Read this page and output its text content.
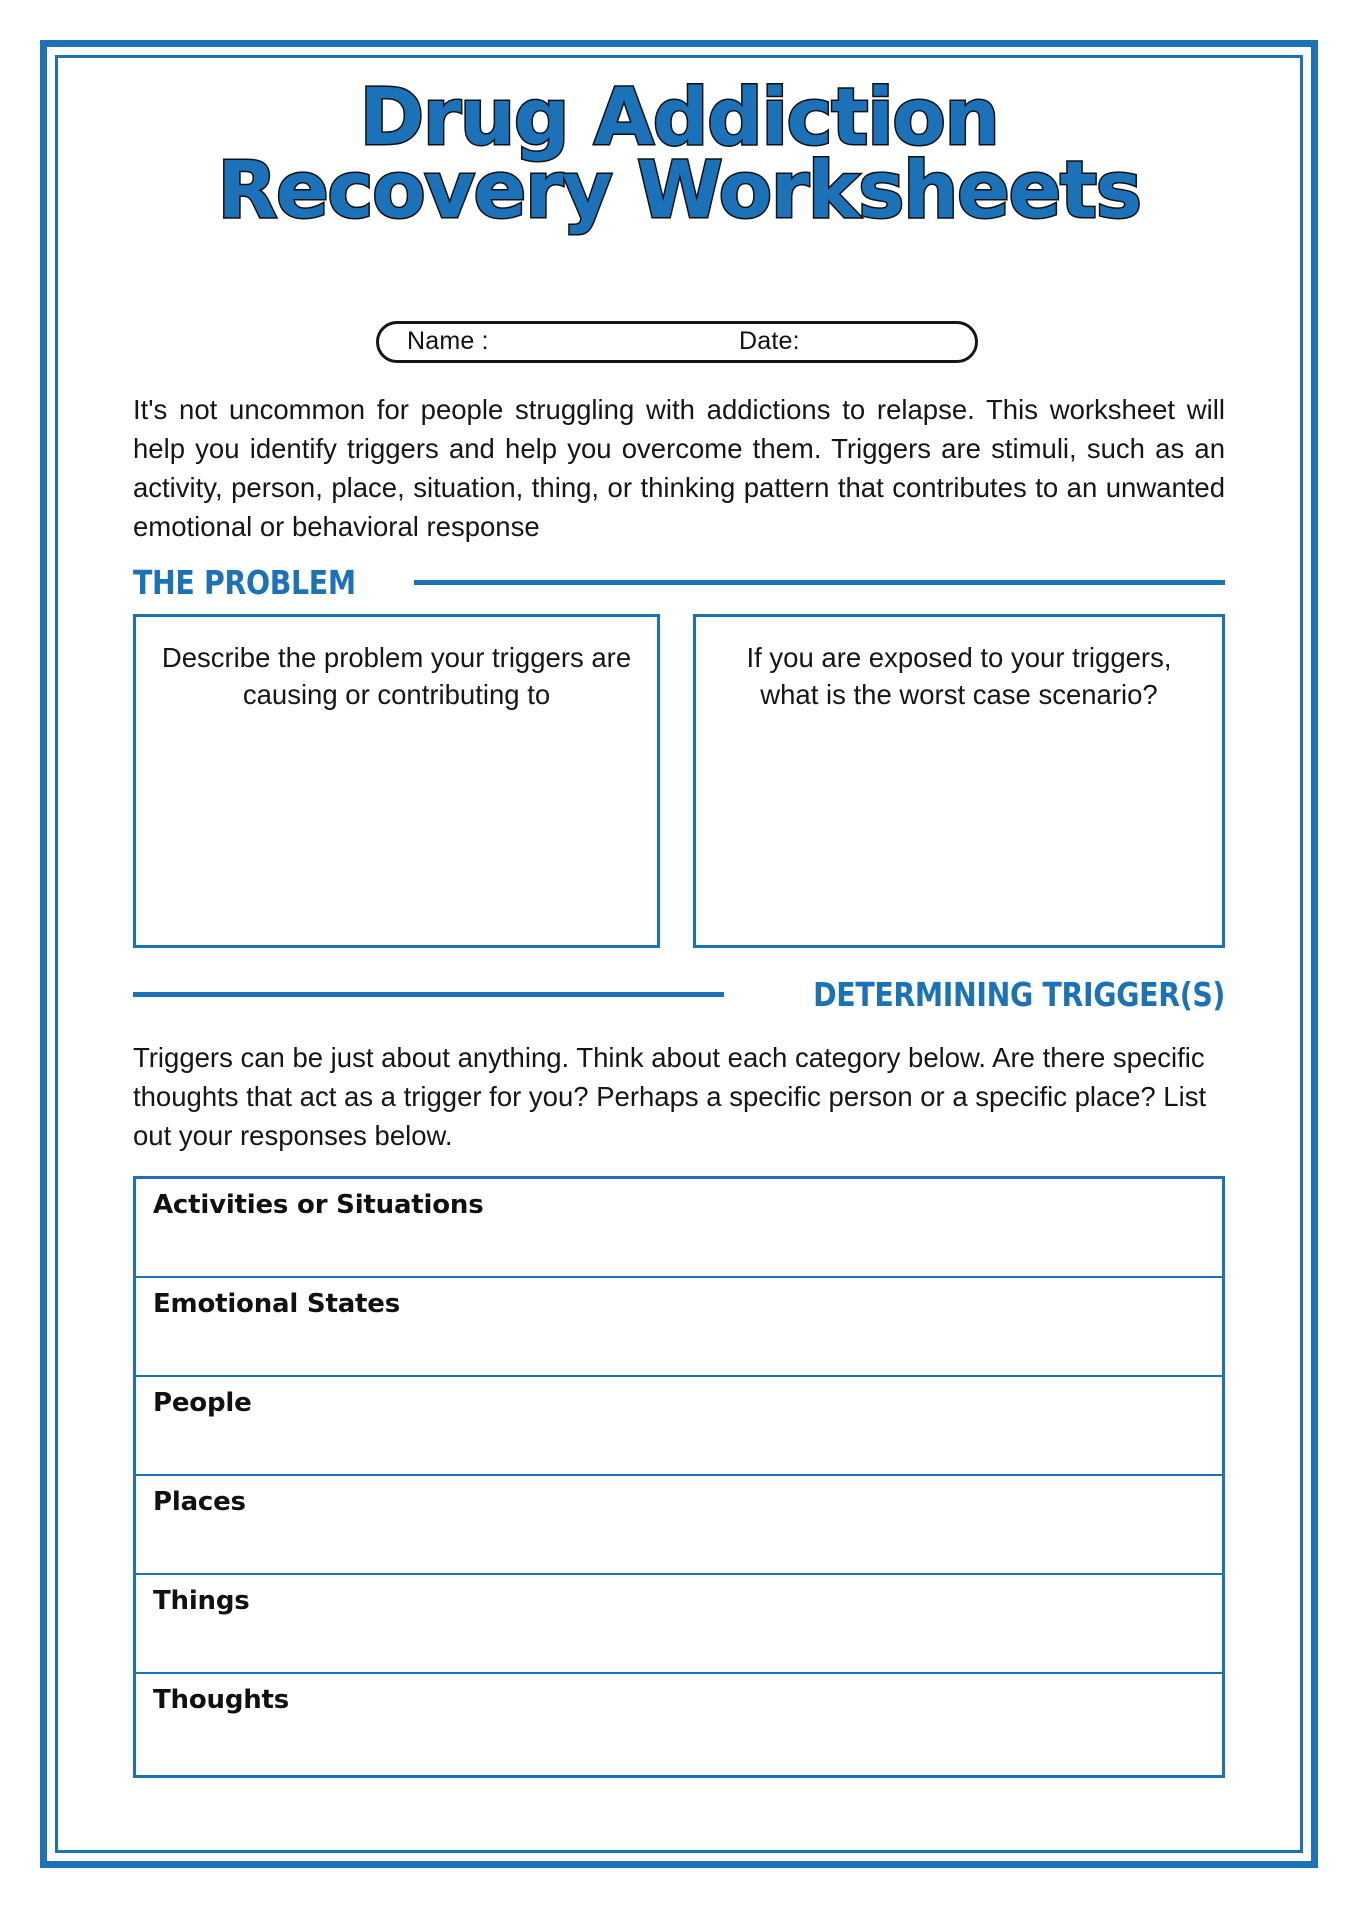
Drug Addiction
Recovery Worksheets
Name :	Date:
It's not uncommon for people struggling with addictions to relapse. This worksheet will help you identify triggers and help you overcome them. Triggers are stimuli, such as an activity, person, place, situation, thing, or thinking pattern that contributes to an unwanted emotional or behavioral response
THE PROBLEM
Describe the problem your triggers are causing or contributing to
If you are exposed to your triggers, what is the worst case scenario?
DETERMINING TRIGGER(S)
Triggers can be just about anything. Think about each category below. Are there specific thoughts that act as a trigger for you? Perhaps a specific person or a specific place? List out your responses below.
Activities or Situations
Emotional States
People
Places
Things
Thoughts
